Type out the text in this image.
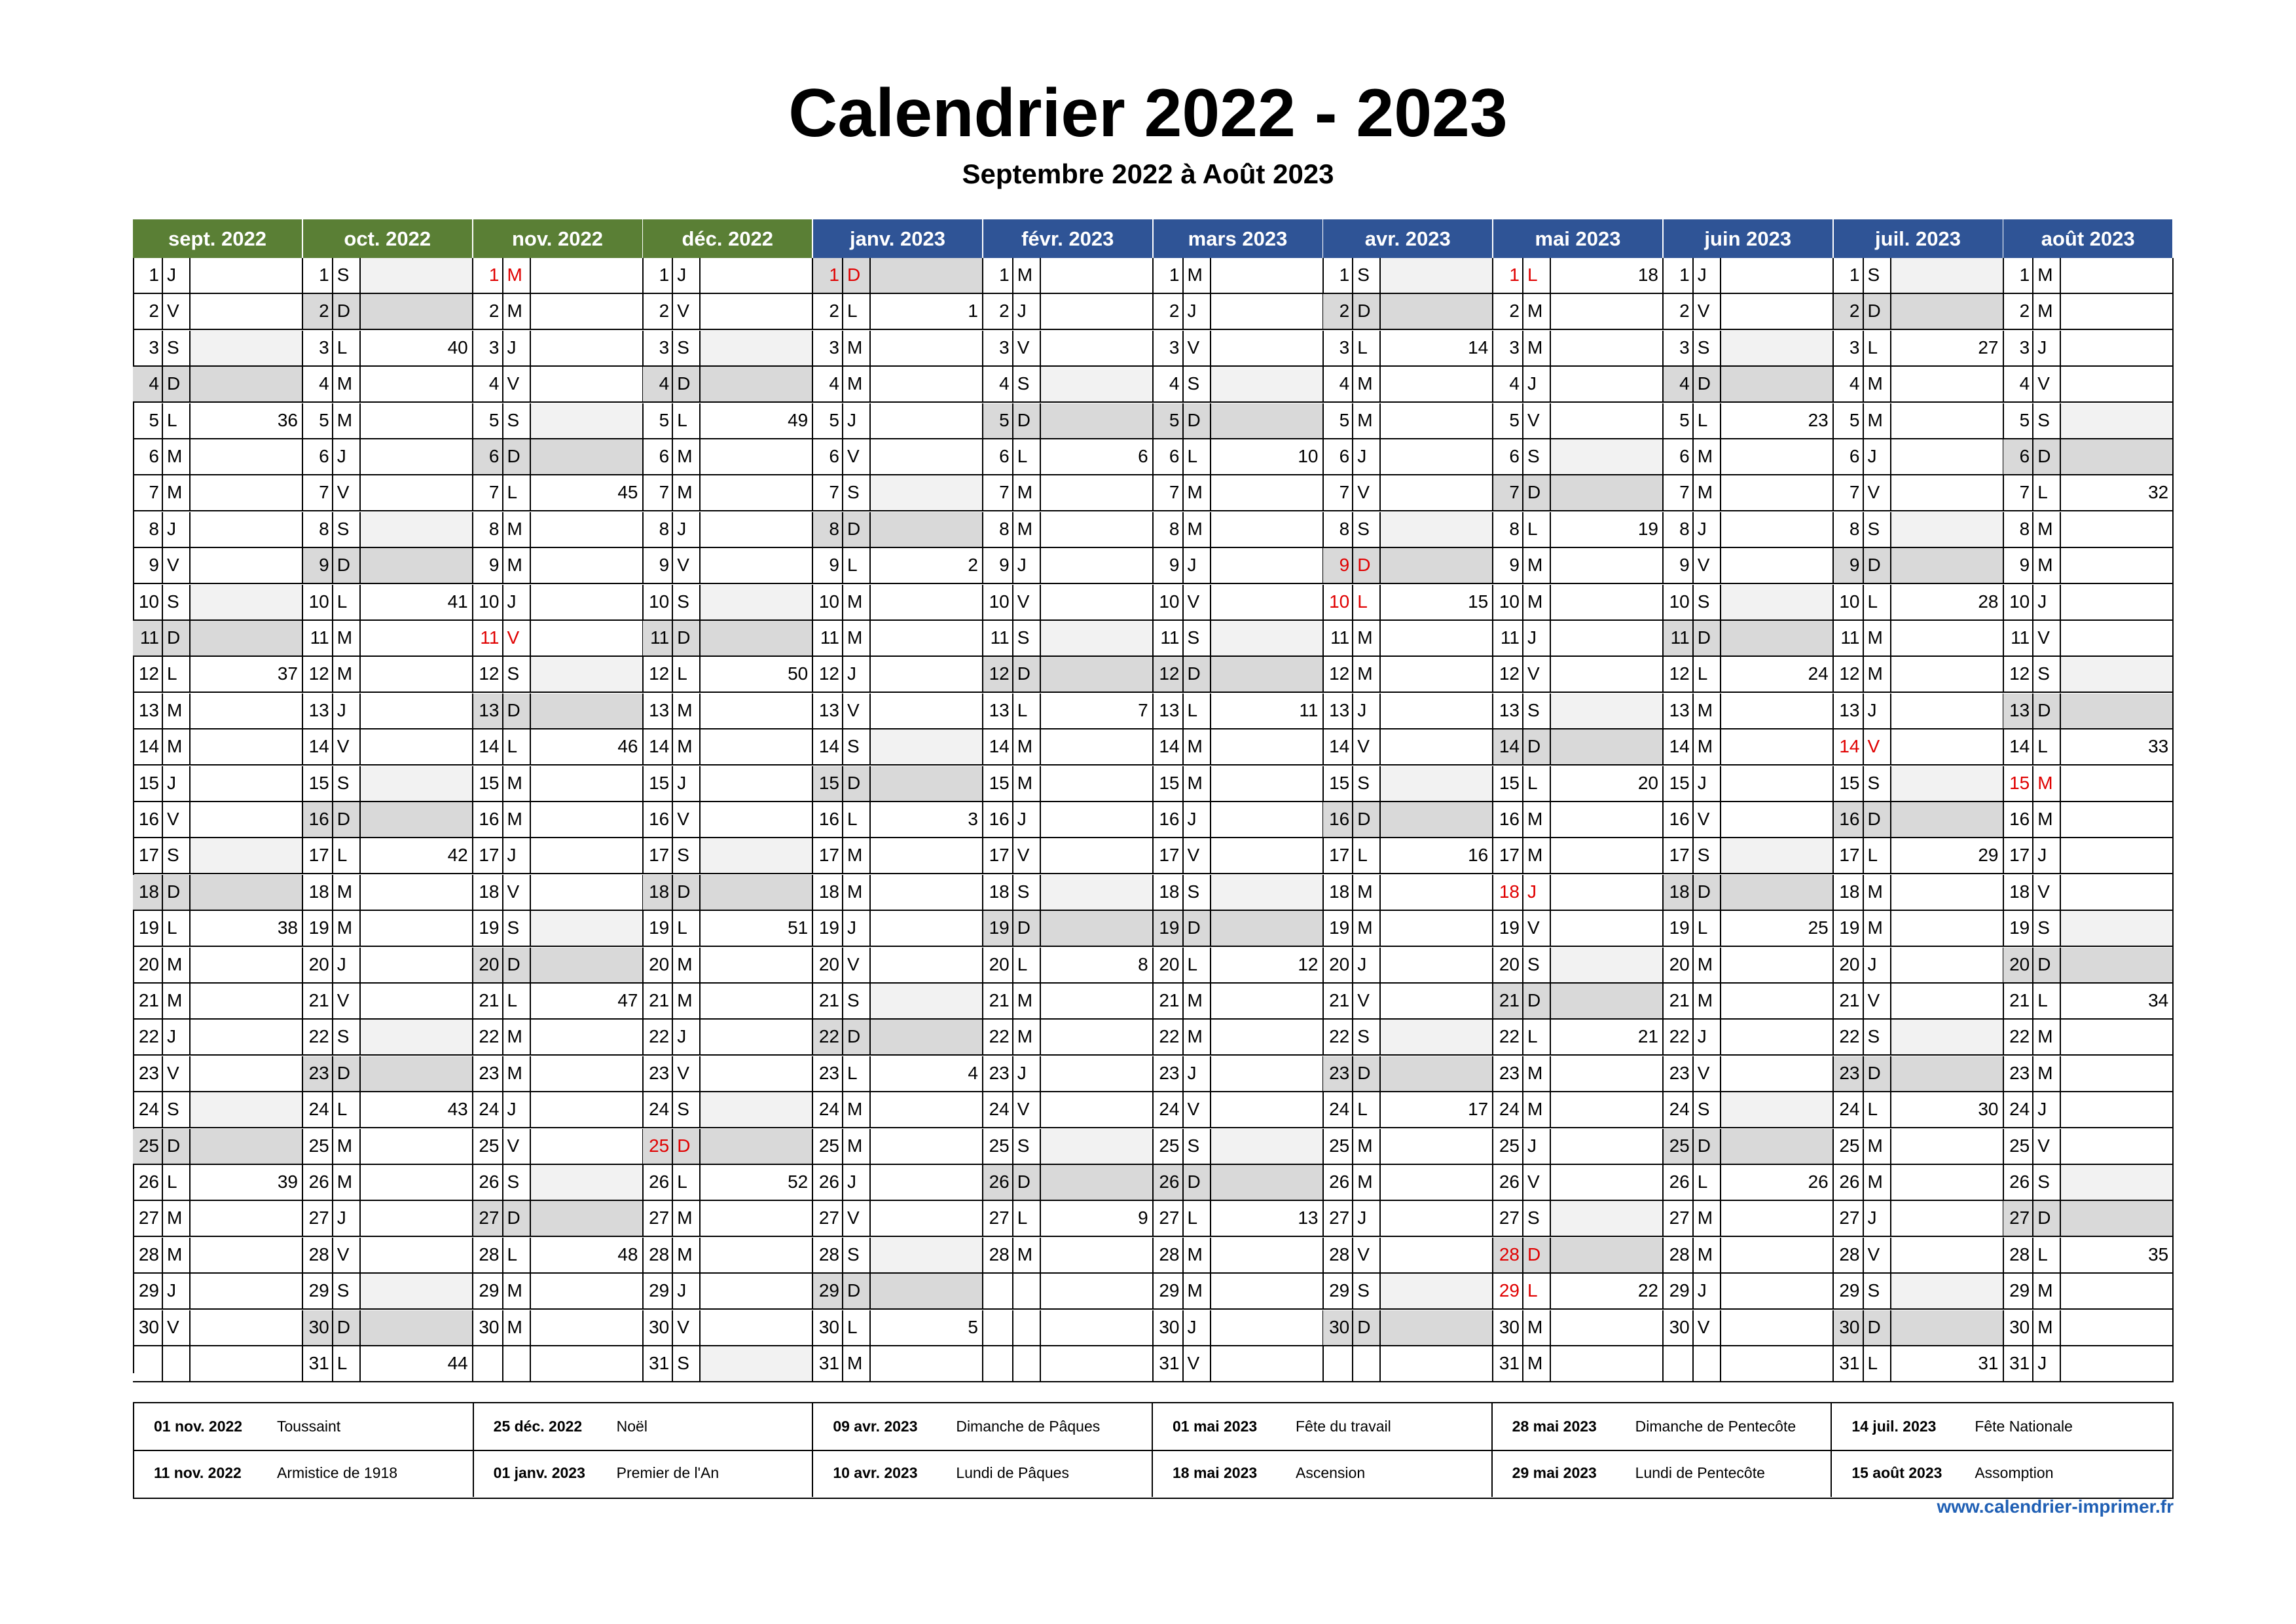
Calendrier 2022 - 2023
Septembre 2022 à Août 2023
sept. 2022
1 J
2 V
3 S
4 D
5 L	36
6 M
7 M
8 J
9 V
10 S
11 D
12 L	37
13 M
14 M
15 J
16 V
17 S
18 D
19 L	38
20 M
21 M
22 J
23 V
24 S
25 D
26 L	39
27 M
28 M
29 J
30 V
oct. 2022
1 S
2 D
3 L	40
4 M
5 M
6 J
7 V
8 S
9 D
10 L	41
11 M
12 M
13 J
14 V
15 S
16 D
17 L	42
18 M
19 M
20 J
21 V
22 S
23 D
24 L	43
25 M
26 M
27 J
28 V
29 S
30 D
31 L	44
nov. 2022
1 M
2 M
3 J
4 V
5 S
6 D
7 L	45
8 M
9 M
10 J
11 V
12 S
13 D
14 L	46
15 M
16 M
17 J
18 V
19 S
20 D
21 L	47
22 M
23 M
24 J
25 V
26 S
27 D
28 L	48
29 M
30 M
déc. 2022
1 J
2 V
3 S
4 D
5 L	49
6 M
7 M
8 J
9 V
10 S
11 D
12 L	50
13 M
14 M
15 J
16 V
17 S
18 D
19 L	51
20 M
21 M
22 J
23 V
24 S
25 D
26 L	52
27 M
28 M
29 J
30 V
31 S
janv. 2023
1 D
2 L	1
3 M
4 M
5 J
6 V
7 S
8 D
9 L	2
10 M
11 M
12 J
13 V
14 S
15 D
16 L	3
17 M
18 M
19 J
20 V
21 S
22 D
23 L	4
24 M
25 M
26 J
27 V
28 S
29 D
30 L	5
31 M
févr. 2023
1 M
2 J
3 V
4 S
5 D
6 L	6
7 M
8 M
9 J
10 V
11 S
12 D
13 L	7
14 M
15 M
16 J
17 V
18 S
19 D
20 L	8
21 M
22 M
23 J
24 V
25 S
26 D
27 L	9
28 M
mars 2023
1 M
2 J
3 V
4 S
5 D
6 L	10
7 M
8 M
9 J
10 V
11 S
12 D
13 L	11
14 M
15 M
16 J
17 V
18 S
19 D
20 L	12
21 M
22 M
23 J
24 V
25 S
26 D
27 L	13
28 M
29 M
30 J
31 V
avr. 2023
1 S
2 D
3 L	14
4 M
5 M
6 J
7 V
8 S
9 D
10 L	15
11 M
12 M
13 J
14 V
15 S
16 D
17 L	16
18 M
19 M
20 J
21 V
22 S
23 D
24 L	17
25 M
26 M
27 J
28 V
29 S
30 D
mai 2023
1 L	18
2 M
3 M
4 J
5 V
6 S
7 D
8 L	19
9 M
10 M
11 J
12 V
13 S
14 D
15 L	20
16 M
17 M
18 J
19 V
20 S
21 D
22 L	21
23 M
24 M
25 J
26 V
27 S
28 D
29 L	22
30 M
31 M
juin 2023
1 J
2 V
3 S
4 D
5 L	23
6 M
7 M
8 J
9 V
10 S
11 D
12 L	24
13 M
14 M
15 J
16 V
17 S
18 D
19 L	25
20 M
21 M
22 J
23 V
24 S
25 D
26 L	26
27 M
28 M
29 J
30 V
juil. 2023
1 S
2 D
3 L	27
4 M
5 M
6 J
7 V
8 S
9 D
10 L	28
11 M
12 M
13 J
14 V
15 S
16 D
17 L	29
18 M
19 M
20 J
21 V
22 S
23 D
24 L	30
25 M
26 M
27 J
28 V
29 S
30 D
31 L	31
août 2023
1 M
2 M
3 J
4 V
5 S
6 D
7 L	32
8 M
9 M
10 J
11 V
12 S
13 D
14 L	33
15 M
16 M
17 J
18 V
19 S
20 D
21 L	34
22 M
23 M
24 J
25 V
26 S
27 D
28 L	35
29 M
30 M
31 J
01 nov. 2022 Toussaint
11 nov. 2022 Armistice de 1918
25 déc. 2022 Noël
01 janv. 2023 Premier de l'An
09 avr. 2023	Dimanche de Pâques
10 avr. 2023	Lundi de Pâques
01 mai 2023	Fête du travail
18 mai 2023	Ascension
28 mai 2023	Dimanche de Pentecôte
29 mai 2023	Lundi de Pentecôte
14 juil. 2023	Fête Nationale
15 août 2023 Assomption
www.calendrier-imprimer.fr
